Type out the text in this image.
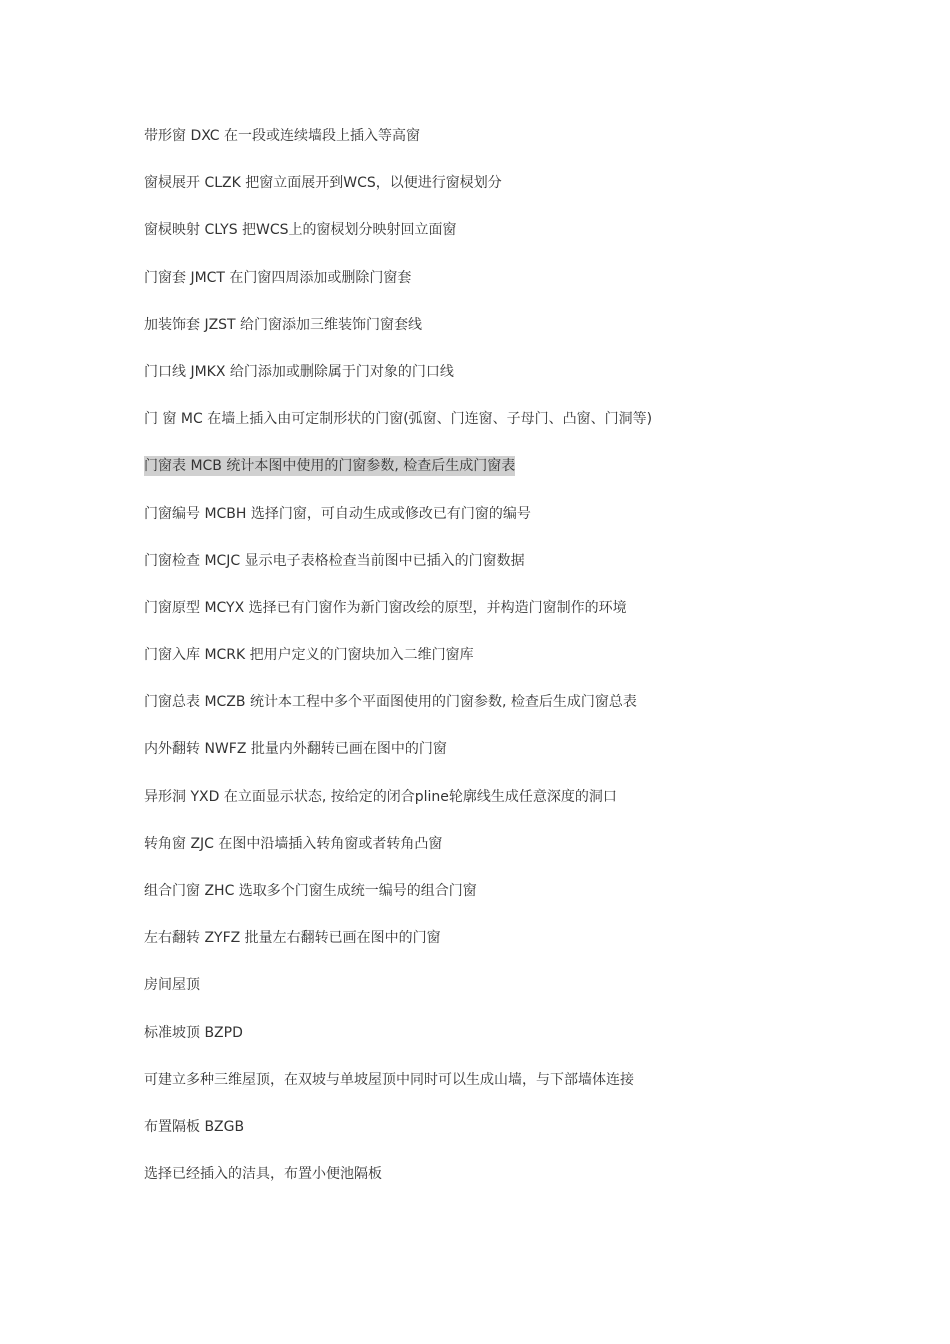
带形窗 DXC 在一段或连续墙段上插入等高窗
窗棂展开 CLZK 把窗立面展开到WCS，以便进行窗棂划分
窗棂映射 CLYS 把WCS上的窗棂划分映射回立面窗
门窗套 JMCT 在门窗四周添加或删除门窗套
加装饰套 JZST 给门窗添加三维装饰门窗套线
门口线 JMKX 给门添加或删除属于门对象的门口线
门 窗 MC 在墙上插入由可定制形状的门窗(弧窗、门连窗、子母门、凸窗、门洞等)
门窗表 MCB 统计本图中使用的门窗参数, 检查后生成门窗表
门窗编号 MCBH 选择门窗，可自动生成或修改已有门窗的编号
门窗检查 MCJC 显示电子表格检查当前图中已插入的门窗数据
门窗原型 MCYX 选择已有门窗作为新门窗改绘的原型，并构造门窗制作的环境
门窗入库 MCRK 把用户定义的门窗块加入二维门窗库
门窗总表 MCZB 统计本工程中多个平面图使用的门窗参数, 检查后生成门窗总表
内外翻转 NWFZ 批量内外翻转已画在图中的门窗
异形洞 YXD 在立面显示状态, 按给定的闭合pline轮廓线生成任意深度的洞口
转角窗 ZJC 在图中沿墙插入转角窗或者转角凸窗
组合门窗 ZHC 选取多个门窗生成统一编号的组合门窗
左右翻转 ZYFZ 批量左右翻转已画在图中的门窗
房间屋顶
标准坡顶 BZPD
可建立多种三维屋顶，在双坡与单坡屋顶中同时可以生成山墙，与下部墙体连接
布置隔板 BZGB
选择已经插入的洁具，布置小便池隔板
